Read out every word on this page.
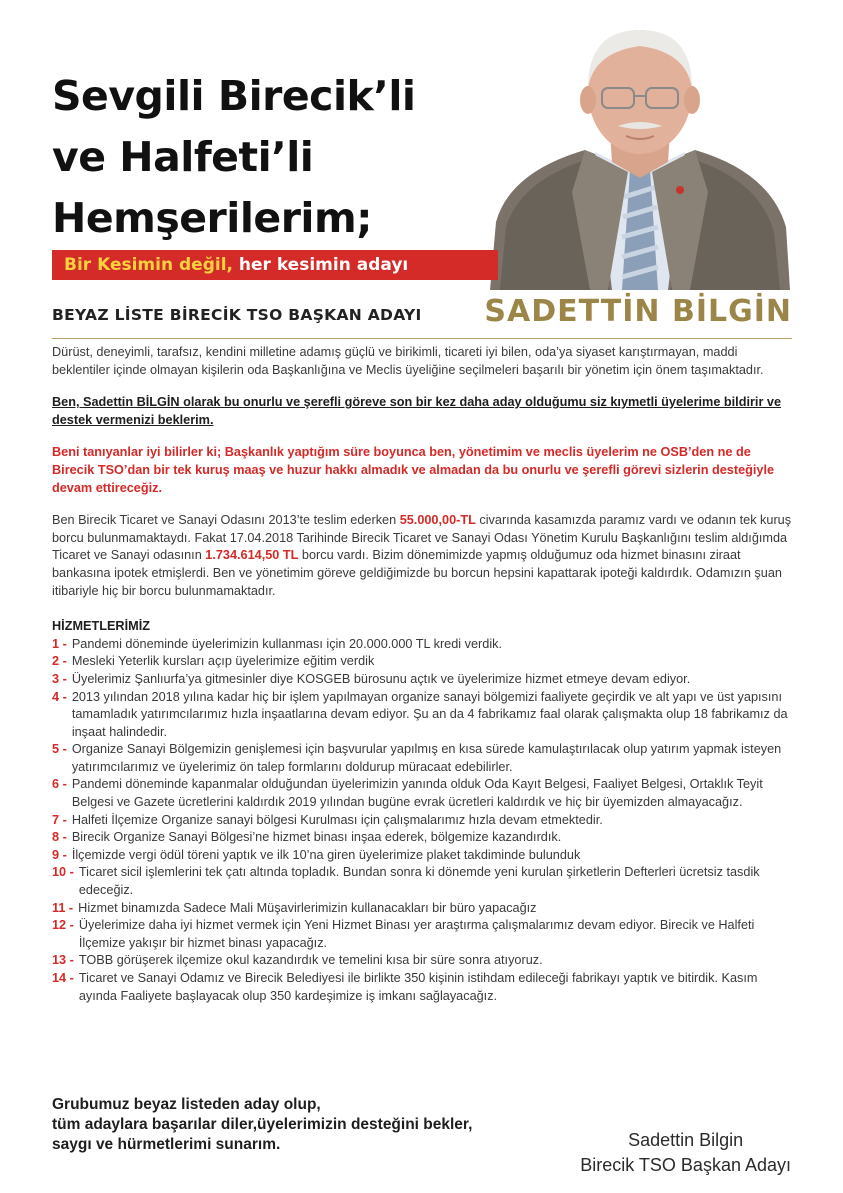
Sevgili Birecik’li
ve Halfeti’li
Hemşerilerim;
Bir Kesimin değil, her kesimin adayı
BEYAZ LİSTE BİRECİK TSO BAŞKAN ADAYI SADETTİN BİLGİN

Dürüst, deneyimli, tarafsız, kendini milletine adamış güçlü ve birikimli, ticareti iyi bilen, oda’ya siyaset karıştırmayan, maddi beklentiler içinde olmayan kişilerin oda Başkanlığına ve Meclis üyeliğine seçilmeleri başarılı bir yönetim için önem taşımaktadır.

Ben, Sadettin BİLGİN olarak bu onurlu ve şerefli göreve son bir kez daha aday olduğumu siz kıymetli üyelerime bildirir ve destek vermenizi beklerim.

Beni tanıyanlar iyi bilirler ki; Başkanlık yaptığım süre boyunca ben, yönetimim ve meclis üyelerim ne OSB’den ne de Birecik TSO’dan bir tek kuruş maaş ve huzur hakkı almadık ve almadan da bu onurlu ve şerefli görevi sizlerin desteğiyle devam ettireceğiz.

Ben Birecik Ticaret ve Sanayi Odasını 2013’te teslim ederken 55.000,00-TL civarında kasamızda paramız vardı ve odanın tek kuruş borcu bulunmamaktaydı. Fakat 17.04.2018 Tarihinde Birecik Ticaret ve Sanayi Odası Yönetim Kurulu Başkanlığını teslim aldığımda Ticaret ve Sanayi odasının 1.734.614,50 TL borcu vardı. Bizim dönemimizde yapmış olduğumuz oda hizmet binasını ziraat bankasına ipotek etmişlerdi. Ben ve yönetimim göreve geldiğimizde bu borcun hepsini kapattarak ipoteği kaldırdık. Odamızın şuan itibariyle hiç bir borcu bulunmamaktadır.

HİZMETLERİMİZ
1 - Pandemi döneminde üyelerimizin kullanması için 20.000.000 TL kredi verdik.
2 - Mesleki Yeterlik kursları açıp üyelerimize eğitim verdik
3 - Üyelerimiz Şanlıurfa’ya gitmesinler diye KOSGEB bürosunu açtık ve üyelerimize hizmet etmeye devam ediyor.
4 - 2013 yılından 2018 yılına kadar hiç bir işlem yapılmayan organize sanayi bölgemizi faaliyete geçirdik ve alt yapı ve üst yapısını tamamladık yatırımcılarımız hızla inşaatlarına devam ediyor. Şu an da 4 fabrikamız faal olarak çalışmakta olup 18 fabrikamız da inşaat halindedir.
5 - Organize Sanayi Bölgemizin genişlemesi için başvurular yapılmış en kısa sürede kamulaştırılacak olup yatırım yapmak isteyen yatırımcılarımız ve üyelerimiz ön talep formlarını doldurup müracaat edebilirler.
6 - Pandemi döneminde kapanmalar olduğundan üyelerimizin yanında olduk Oda Kayıt Belgesi, Faaliyet Belgesi, Ortaklık Teyit Belgesi ve Gazete ücretlerini kaldırdık 2019 yılından bugüne evrak ücretleri kaldırdık ve hiç bir üyemizden almayacağız.
7 - Halfeti İlçemize Organize sanayi bölgesi Kurulması için çalışmalarımız hızla devam etmektedir.
8 - Birecik Organize Sanayi Bölgesi’ne hizmet binası inşaa ederek, bölgemize kazandırdık.
9 - İlçemizde vergi ödül töreni yaptık ve ilk 10’na giren üyelerimize plaket takdiminde bulunduk
10 - Ticaret sicil işlemlerini tek çatı altında topladık. Bundan sonra ki dönemde yeni kurulan şirketlerin Defterleri ücretsiz tasdik edeceğiz.
11 - Hizmet binamızda Sadece Mali Müşavirlerimizin kullanacakları bir büro yapacağız
12 - Üyelerimize daha iyi hizmet vermek için Yeni Hizmet Binası yer araştırma çalışmalarımız devam ediyor. Birecik ve Halfeti İlçemize yakışır bir hizmet binası yapacağız.
13 - TOBB görüşerek ilçemize okul kazandırdık ve temelini kısa bir süre sonra atıyoruz.
14 - Ticaret ve Sanayi Odamız ve Birecik Belediyesi ile birlikte 350 kişinin istihdam edileceği fabrikayı yaptık ve bitirdik. Kasım ayında Faaliyete başlayacak olup 350 kardeşimize iş imkanı sağlayacağız.
Grubumuz beyaz listeden aday olup,
tüm adaylara başarılar diler,üyelerimizin desteğini bekler,
saygı ve hürmetlerimi sunarım.	Sadettin Bilgin
Birecik TSO Başkan Adayı
